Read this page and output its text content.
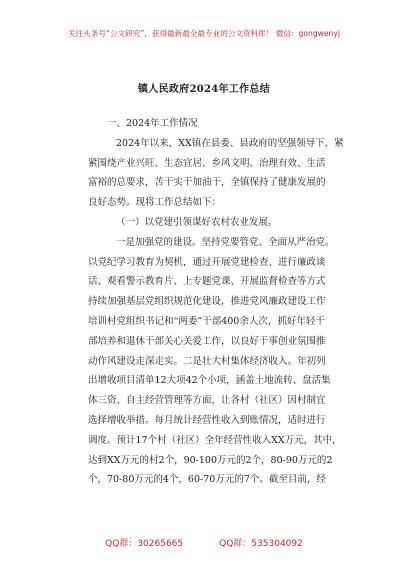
关注头条号“公文研究”，获得最新最全最专业的公文资料库！ 微信：gongwenyj
镇人民政府2024年工作总结
一、2024年工作情况
2024年以来，XX镇在县委、县政府的坚强领导下，紧
紧围绕产业兴旺、生态宜居、乡风文明、治理有效、生活
富裕的总要求，苦干实干加油干，全镇保持了健康发展的
良好态势。现将工作总结如下：
（一）以党建引领谋好农村农业发展。
一是加强党的建设。坚持党要管党、全面从严治党。
以党纪学习教育为契机，通过开展党建检查、进行廉政谈
话、观看警示教育片、上专题党课、开展监督检查等方式
持续加强基层党组织规范化建设，推进党风廉政建设工作
培训村党组织书记和“两委”干部400余人次，抓好年轻干
部培养和退休干部关心关爱工作，以良好干事创业氛围推
动作风建设走深走实。二是壮大村集体经济收入。年初列
出增收项目清单12大项42个小项，涵盖土地流转、盘活集
体三资、自主经营管理等方面，让各村（社区）因村制宜
选择增收举措。每月统计经营性收入到账情况，适时进行
调度。预计17个村（社区）全年经营性收入XX万元，其中，
达到XX万元的村2个，90-100万元的2个，80-90万元的2
个，70-80万元的4个，60-70万元的7个。截至目前，经
QQ群：30265665	QQ群：535304092
